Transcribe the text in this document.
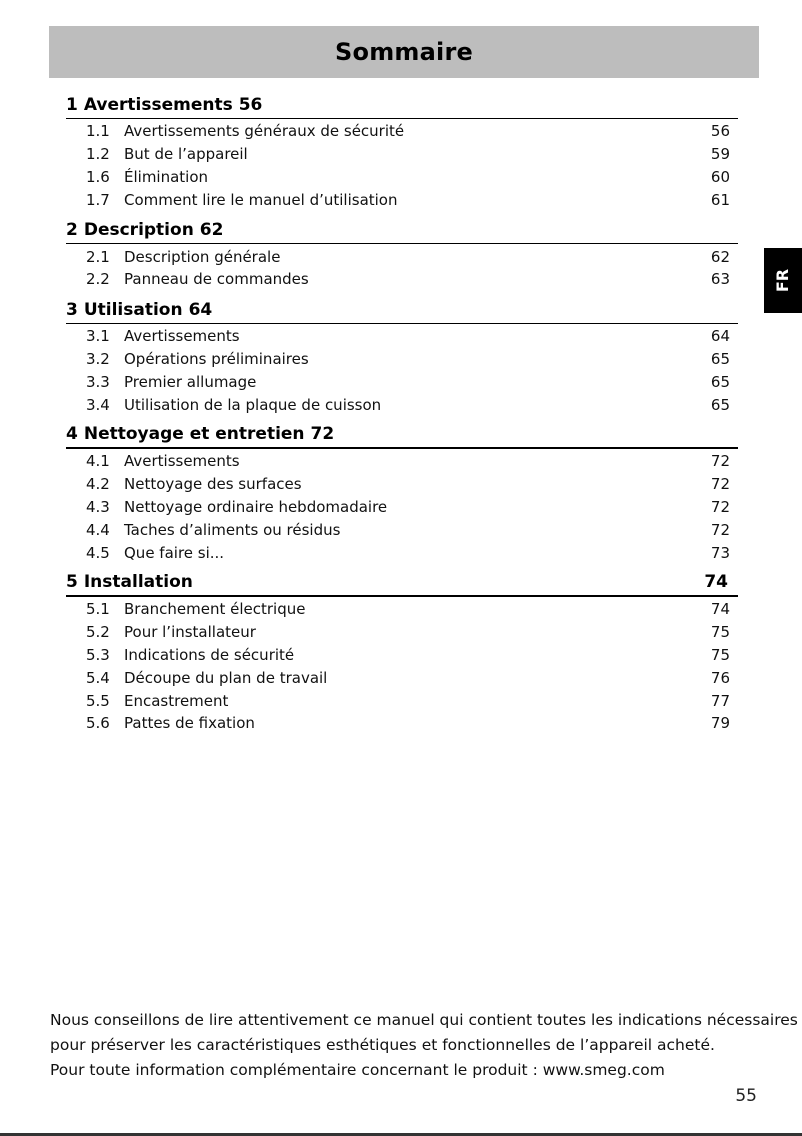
Sommaire
FR
1 Avertissements 56
1.1 Avertissements généraux de sécurité	56
1.2 But de l’appareil	59
1.6 Élimination	60
1.7 Comment lire le manuel d’utilisation	61
2 Description 62
2.1 Description générale	62
2.2 Panneau de commandes	63
3 Utilisation 64
3.1 Avertissements	64
3.2 Opérations préliminaires	65
3.3 Premier allumage	65
3.4 Utilisation de la plaque de cuisson	65
4 Nettoyage et entretien 72
4.1 Avertissements	72
4.2 Nettoyage des surfaces	72
4.3 Nettoyage ordinaire hebdomadaire	72
4.4 Taches d’aliments ou résidus	72
4.5 Que faire si...	73
5 Installation	74
5.1 Branchement électrique	74
5.2 Pour l’installateur	75
5.3 Indications de sécurité	75
5.4 Découpe du plan de travail	76
5.5 Encastrement	77
5.6 Pattes de fixation	79

Nous conseillons de lire attentivement ce manuel qui contient toutes les indications nécessaires

pour préserver les caractéristiques esthétiques et fonctionnelles de l’appareil acheté.

Pour toute information complémentaire concernant le produit : www.smeg.com

55
